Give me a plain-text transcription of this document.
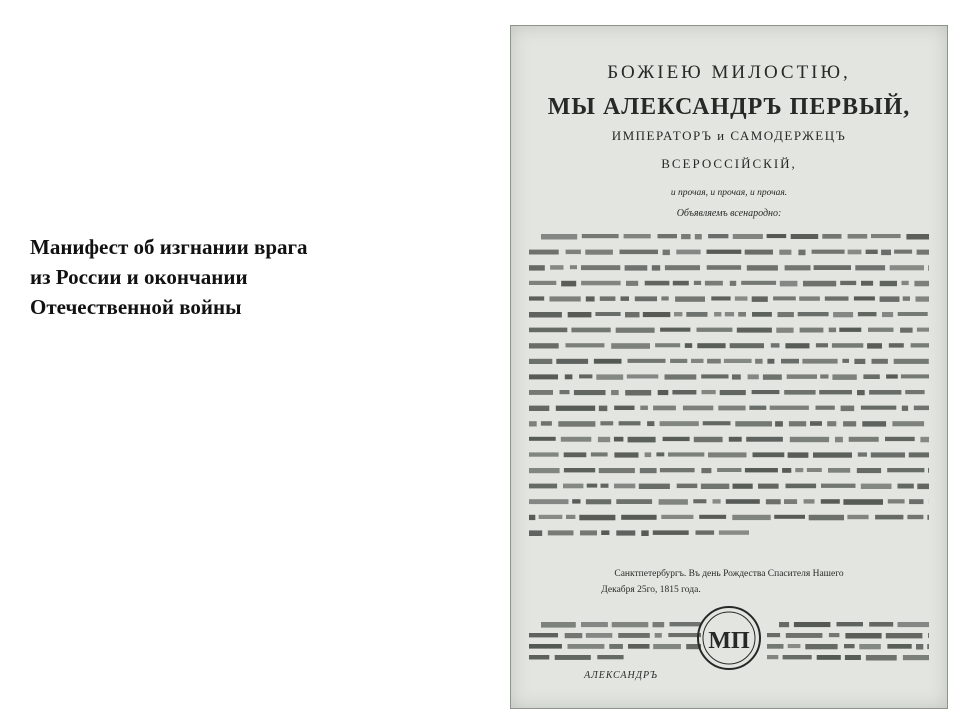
Манифест об изгнании врага
из России и окончании
Отечественной войны
БОЖІЕЮ МИЛОСТІЮ,
МЫ АЛЕКСАНДРЪ ПЕРВЫЙ,
ИМПЕРАТОРЪ и САМОДЕРЖЕЦЪ
ВСЕРОССІЙСКІЙ,
и прочая, и прочая, и прочая.
Объявляемъ всенародно:
Санктпетербургъ. Въ день Рождества Спасителя Нашего
Декабря 25го, 1815 года.
МП
АЛЕКСАНДРЪ
